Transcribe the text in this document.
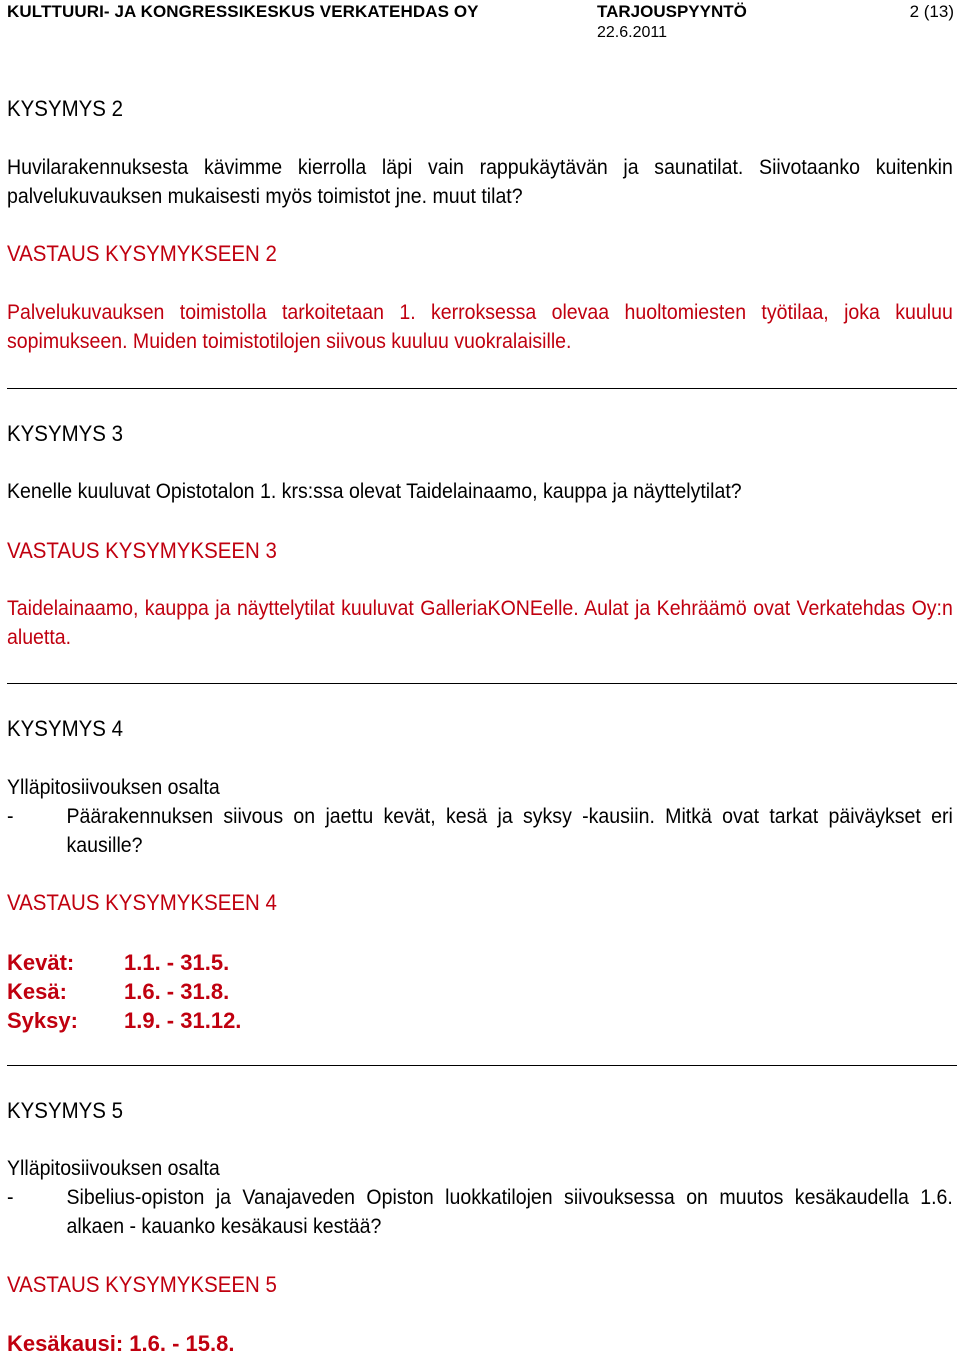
KULTTUURI- JA KONGRESSIKESKUS VERKATEHDAS OY	TARJOUSPYYNTÖ
22.6.2011
2 (13)
KYSYMYS 2
Huvilarakennuksesta kävimme kierrolla läpi vain rappukäytävän ja saunatilat. Siivotaanko kuitenkin palvelukuvauksen mukaisesti myös toimistot jne. muut tilat?
VASTAUS KYSYMYKSEEN 2
Palvelukuvauksen toimistolla tarkoitetaan 1. kerroksessa olevaa huoltomiesten työtilaa, joka kuuluu sopimukseen. Muiden toimistotilojen siivous kuuluu vuokralaisille.
KYSYMYS 3
Kenelle kuuluvat Opistotalon 1. krs:ssa olevat Taidelainaamo, kauppa ja näyttelytilat?
VASTAUS KYSYMYKSEEN 3
Taidelainaamo, kauppa ja näyttelytilat kuuluvat GalleriaKONEelle. Aulat ja Kehräämö ovat Verkatehdas Oy:n aluetta.
KYSYMYS 4
Ylläpitosiivouksen osalta
-	Päärakennuksen siivous on jaettu kevät, kesä ja syksy -kausiin. Mitkä ovat tarkat päiväykset eri kausille?
VASTAUS KYSYMYKSEEN 4
Kevät:	1.1. - 31.5.
Kesä:	1.6. - 31.8.
Syksy:	1.9. - 31.12.
KYSYMYS 5
Ylläpitosiivouksen osalta
-	Sibelius-opiston ja Vanajaveden Opiston luokkatilojen siivouksessa on muutos kesäkaudella 1.6. alkaen - kauanko kesäkausi kestää?
VASTAUS KYSYMYKSEEN 5
Kesäkausi: 1.6. - 15.8.
